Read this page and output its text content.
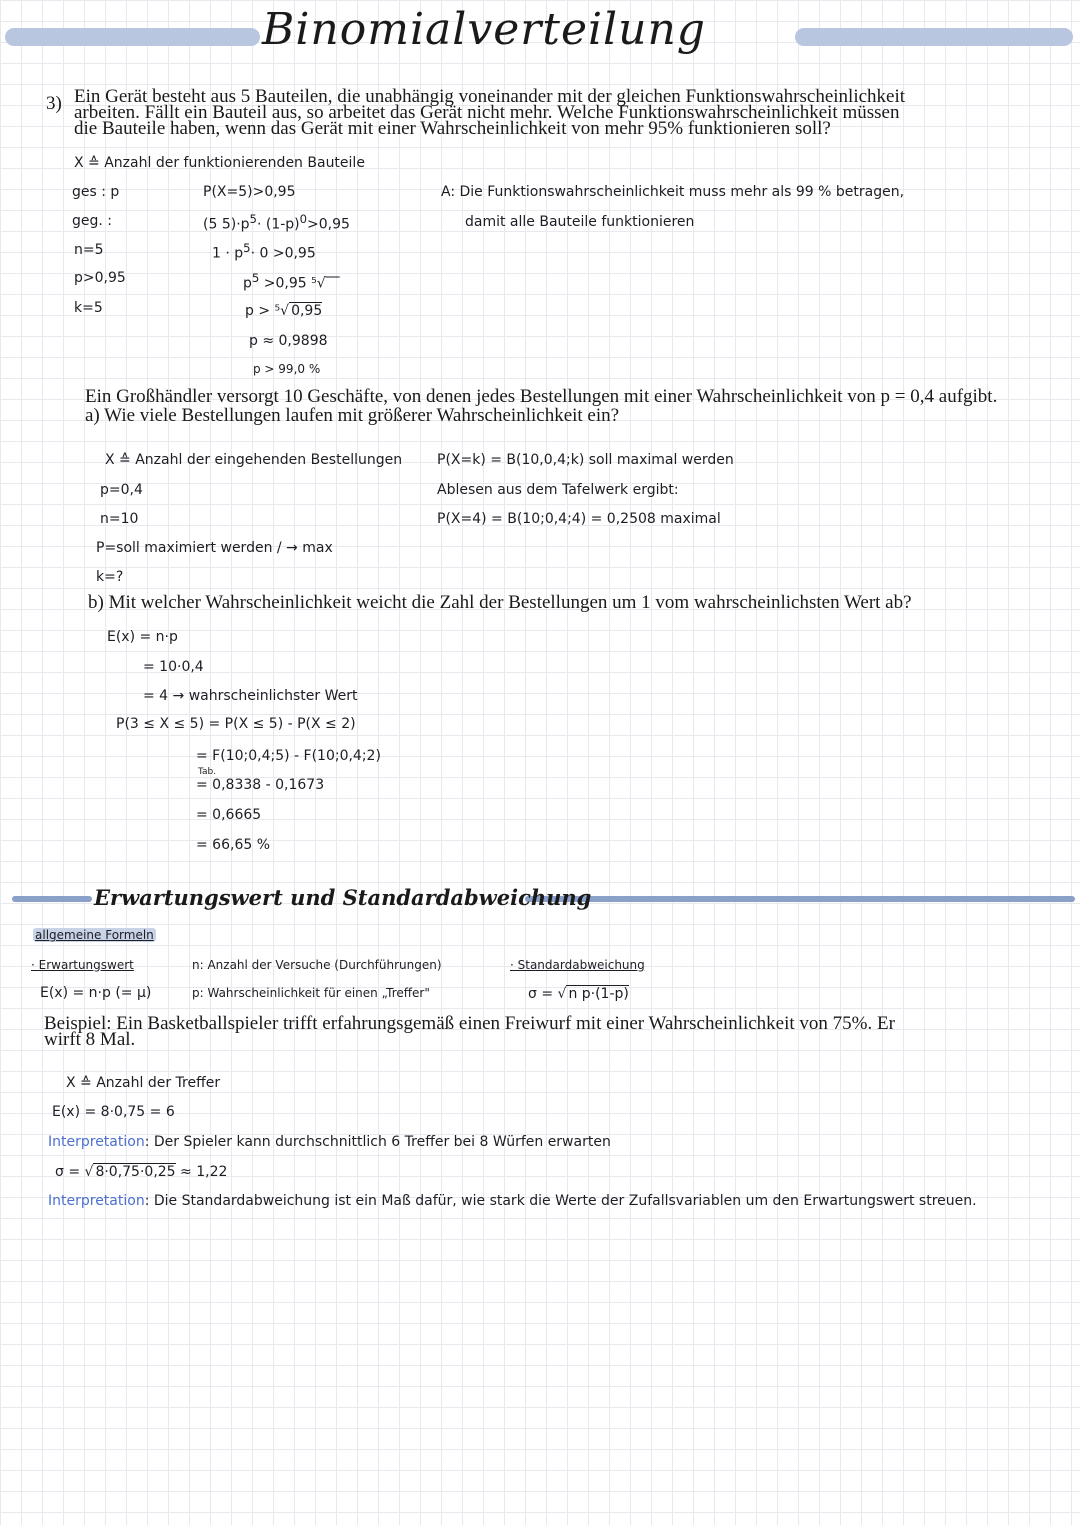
Binomialverteilung
3) Ein Gerät besteht aus 5 Bauteilen, die unabhängig voneinander mit der gleichen Funktionswahrscheinlichkeit
arbeiten. Fällt ein Bauteil aus, so arbeitet das Gerät nicht mehr. Welche Funktionswahrscheinlichkeit müssen
die Bauteile haben, wenn das Gerät mit einer Wahrscheinlichkeit von mehr 95% funktionieren soll?
X ≙ Anzahl der funktionierenden Bauteile
ges : p
geg. :
n=5
p>0,95
k=5
P(X=5)>0,95
(5 $5)\cdot p^5\cdot (1-p)^0>0,95$
$1 \cdot p^5\cdot 0 >0,95$
$p^5 >0,95$ ⁵√‾‾
p > ⁵√ 0,95
p ≈ 0,9898
p > 99,0 %
A: Die Funktionswahrscheinlichkeit muss mehr als 99 % betragen,
damit alle Bauteile funktionieren
Ein Großhändler versorgt 10 Geschäfte, von denen jedes Bestellungen mit einer Wahrscheinlichkeit von p = 0,4 aufgibt.
a) Wie viele Bestellungen laufen mit größerer Wahrscheinlichkeit ein?
X ≙ Anzahl der eingehenden Bestellungen
p=0,4
n=10
P=soll maximiert werden / → max
k=?
P(X=k) = B(10,0,4;k) soll maximal werden
Ablesen aus dem Tafelwerk ergibt:
P(X=4) = B(10;0,4;4) = 0,2508 maximal
b) Mit welcher Wahrscheinlichkeit weicht die Zahl der Bestellungen um 1 vom wahrscheinlichsten Wert ab?
E(x) = n·p
= 10·0,4
= 4 → wahrscheinlichster Wert
P(3 ≤ X ≤ 5) = P(X ≤ 5) - P(X ≤ 2)
= F(10;0,4;5) - F(10;0,4;2)
Tab.
= 0,8338 - 0,1673
= 0,6665
= 66,65 %
Erwartungswert und Standardabweichung
allgemeine Formeln
· Erwartungswert
E(x) = n·p (= μ)
n: Anzahl der Versuche (Durchführungen)
p: Wahrscheinlichkeit für einen „Treffer"
· Standardabweichung
σ = √ n p·(1-p)
Beispiel: Ein Basketballspieler trifft erfahrungsgemäß einen Freiwurf mit einer Wahrscheinlichkeit von 75%. Er
wirft 8 Mal.
X ≙ Anzahl der Treffer
E(x) = 8·0,75 = 6
Interpretation: Der Spieler kann durchschnittlich 6 Treffer bei 8 Würfen erwarten
σ = √ 8·0,75·0,25 ≈ 1,22
Interpretation: Die Standardabweichung ist ein Maß dafür, wie stark die Werte der Zufallsvariablen um den Erwartungswert streuen.
